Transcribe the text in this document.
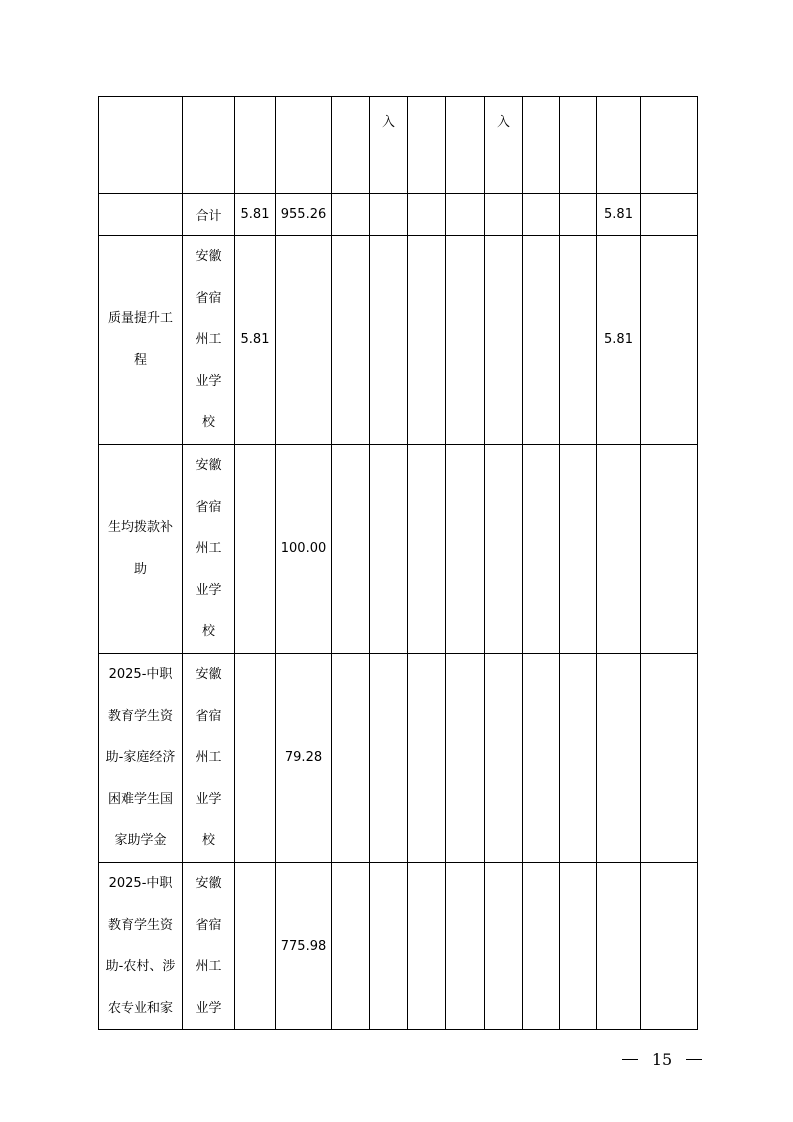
					入			入				
	合计	5.81	955.26								5.81	
质量提升工程	安徽省宿州工业学校	5.81									5.81	
生均拨款补助	安徽省宿州工业学校		100.00									
2025-中职教育学生资助-家庭经济困难学生国家助学金	安徽省宿州工业学校		79.28									
2025-中职教育学生资助-农村、涉农专业和家	安徽省宿州工业学		775.98									
15
